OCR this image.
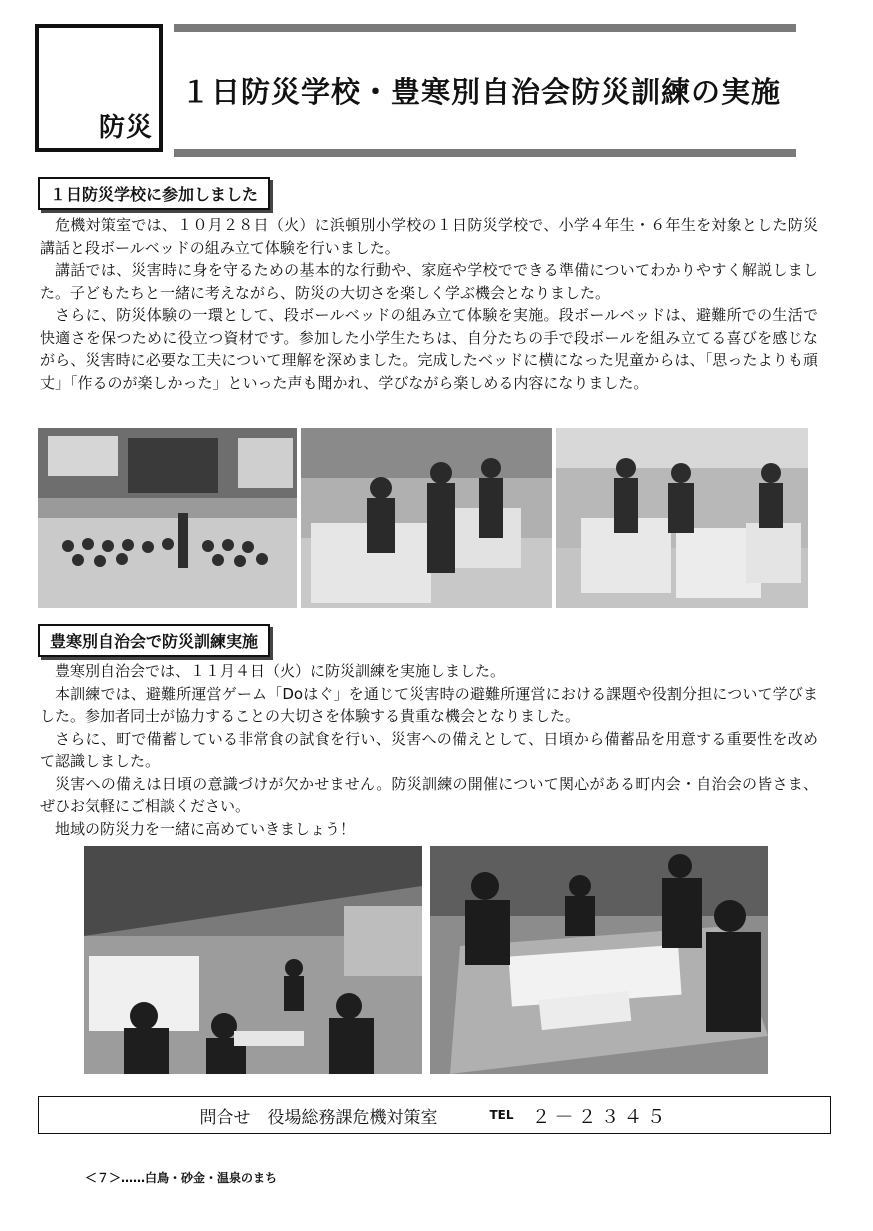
防災
１日防災学校・豊寒別自治会防災訓練の実施
１日防災学校に参加しました

危機対策室では、１０月２８日（火）に浜頓別小学校の１日防災学校で、小学４年生・６年生を対象とした防災講話と段ボールベッドの組み立て体験を行いました。

講話では、災害時に身を守るための基本的な行動や、家庭や学校でできる準備についてわかりやすく解説しました。子どもたちと一緒に考えながら、防災の大切さを楽しく学ぶ機会となりました。

さらに、防災体験の一環として、段ボールベッドの組み立て体験を実施。段ボールベッドは、避難所での生活で快適さを保つために役立つ資材です。参加した小学生たちは、自分たちの手で段ボールを組み立てる喜びを感じながら、災害時に必要な工夫について理解を深めました。完成したベッドに横になった児童からは、「思ったよりも頑丈」「作るのが楽しかった」といった声も聞かれ、学びながら楽しめる内容になりました。

豊寒別自治会で防災訓練実施

豊寒別自治会では、１１月４日（火）に防災訓練を実施しました。

本訓練では、避難所運営ゲーム「Doはぐ」を通じて災害時の避難所運営における課題や役割分担について学びました。参加者同士が協力することの大切さを体験する貴重な機会となりました。

さらに、町で備蓄している非常食の試食を行い、災害への備えとして、日頃から備蓄品を用意する重要性を改めて認識しました。

災害への備えは日頃の意識づけが欠かせません。防災訓練の開催について関心がある町内会・自治会の皆さま、ぜひお気軽にご相談ください。

地域の防災力を一緒に高めていきましょう！

問合せ　役場総務課危機対策室	TEL ２－２３４５
＜７＞……白鳥・砂金・温泉のまち
